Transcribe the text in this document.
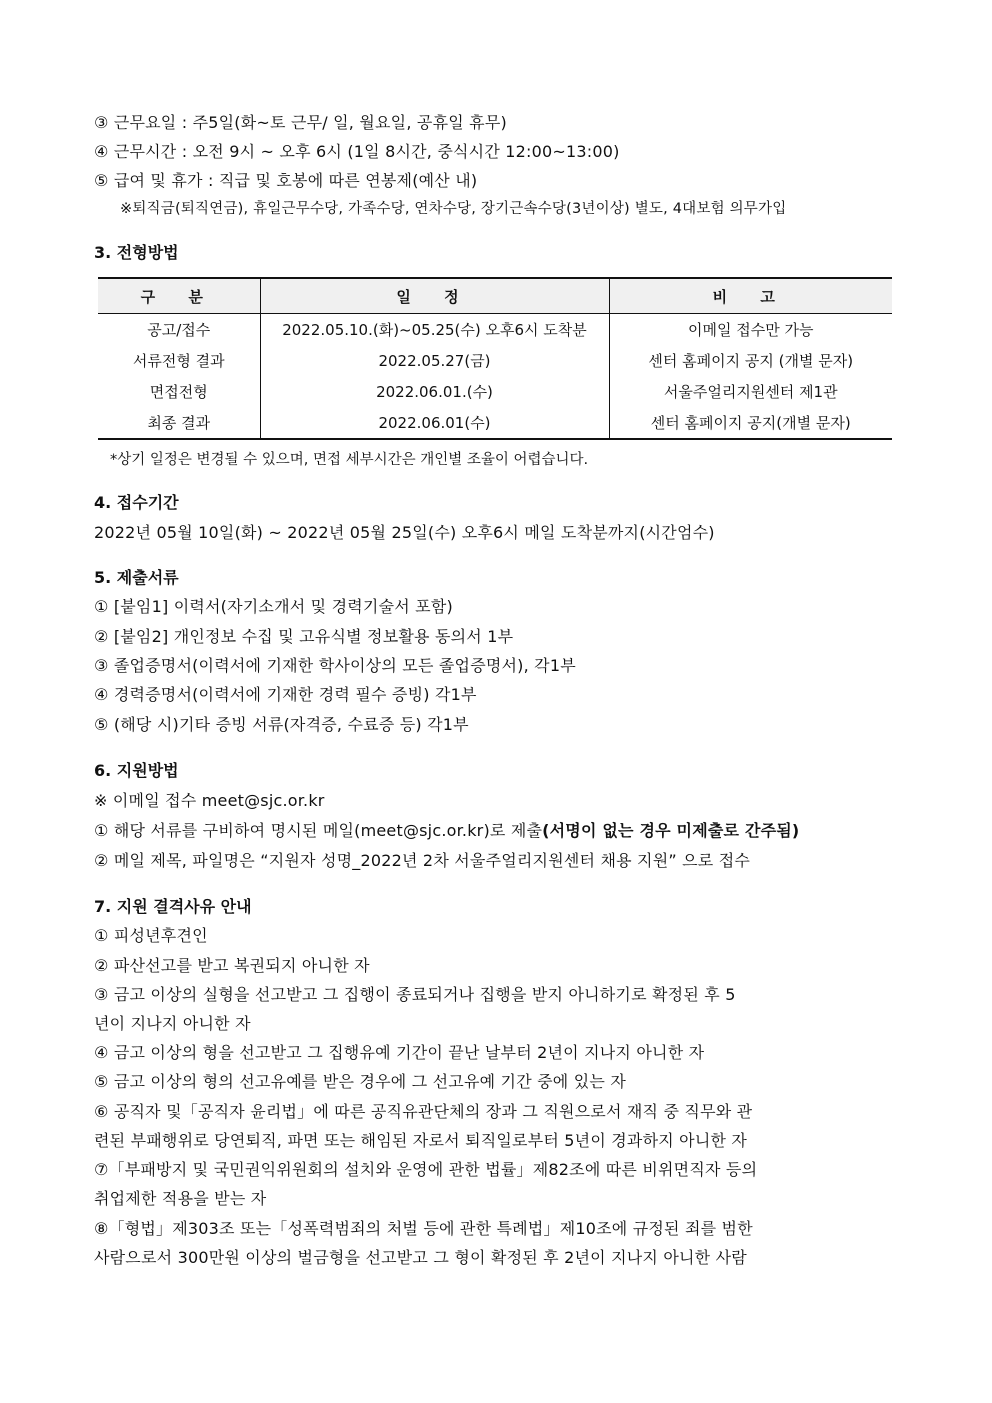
③ 근무요일 : 주5일(화~토 근무/ 일, 월요일, 공휴일 휴무)
④ 근무시간 : 오전 9시 ~ 오후 6시 (1일 8시간, 중식시간 12:00~13:00)
⑤ 급여 및 휴가 : 직급 및 호봉에 따른 연봉제(예산 내)
※퇴직금(퇴직연금), 휴일근무수당, 가족수당, 연차수당, 장기근속수당(3년이상) 별도, 4대보험 의무가입
3. 전형방법
구 분	일 정	비 고
공고/접수	2022.05.10.(화)~05.25(수) 오후6시 도착분	이메일 접수만 가능
서류전형 결과	2022.05.27(금)	센터 홈페이지 공지 (개별 문자)
면접전형	2022.06.01.(수)	서울주얼리지원센터 제1관
최종 결과	2022.06.01(수)	센터 홈페이지 공지(개별 문자)
*상기 일정은 변경될 수 있으며, 면접 세부시간은 개인별 조율이 어렵습니다.
4. 접수기간
2022년 05월 10일(화) ~ 2022년 05월 25일(수) 오후6시 메일 도착분까지(시간엄수)
5. 제출서류
① [붙임1] 이력서(자기소개서 및 경력기술서 포함)
② [붙임2] 개인정보 수집 및 고유식별 정보활용 동의서 1부
③ 졸업증명서(이력서에 기재한 학사이상의 모든 졸업증명서), 각1부
④ 경력증명서(이력서에 기재한 경력 필수 증빙) 각1부
⑤ (해당 시)기타 증빙 서류(자격증, 수료증 등) 각1부
6. 지원방법
※ 이메일 접수 meet@sjc.or.kr
① 해당 서류를 구비하여 명시된 메일(meet@sjc.or.kr)로 제출(서명이 없는 경우 미제출로 간주됨)
② 메일 제목, 파일명은 “지원자 성명_2022년 2차 서울주얼리지원센터 채용 지원” 으로 접수
7. 지원 결격사유 안내
① 피성년후견인
② 파산선고를 받고 복권되지 아니한 자
③ 금고 이상의 실형을 선고받고 그 집행이 종료되거나 집행을 받지 아니하기로 확정된 후 5
년이 지나지 아니한 자
④ 금고 이상의 형을 선고받고 그 집행유예 기간이 끝난 날부터 2년이 지나지 아니한 자
⑤ 금고 이상의 형의 선고유예를 받은 경우에 그 선고유예 기간 중에 있는 자
⑥ 공직자 및「공직자 윤리법」에 따른 공직유관단체의 장과 그 직원으로서 재직 중 직무와 관
련된 부패행위로 당연퇴직, 파면 또는 해임된 자로서 퇴직일로부터 5년이 경과하지 아니한 자
⑦「부패방지 및 국민권익위원회의 설치와 운영에 관한 법률」제82조에 따른 비위면직자 등의
취업제한 적용을 받는 자
⑧「형법」제303조 또는「성폭력범죄의 처벌 등에 관한 특례법」제10조에 규정된 죄를 범한
사람으로서 300만원 이상의 벌금형을 선고받고 그 형이 확정된 후 2년이 지나지 아니한 사람
